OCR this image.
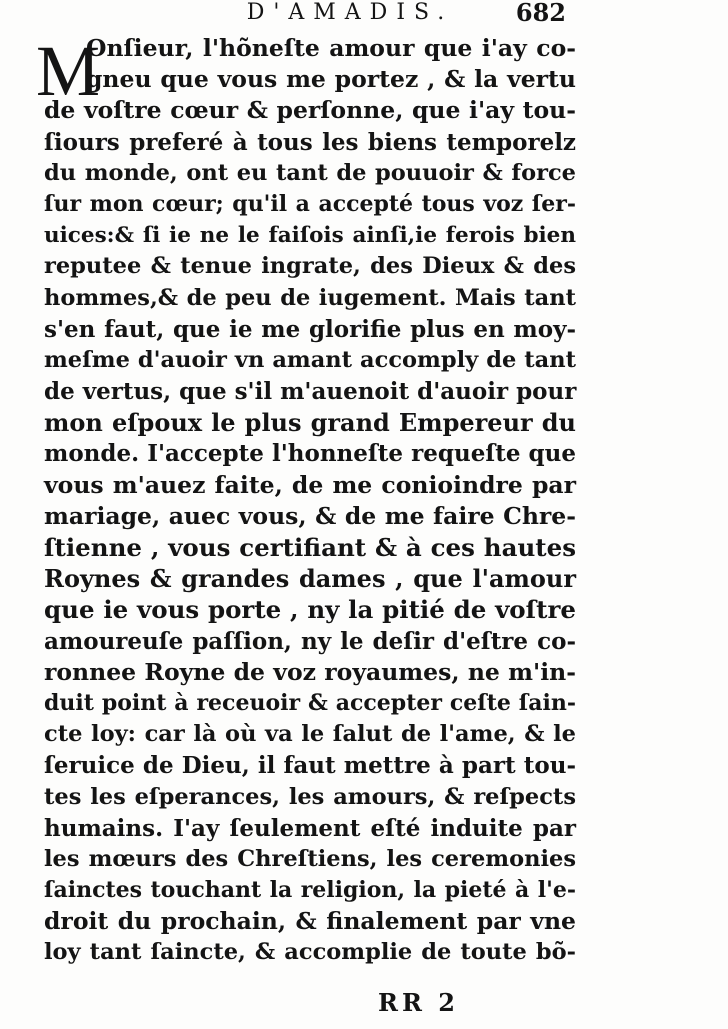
D'AMADIS.	682
M
Onſieur, l'hõneſte amour que i'ay co-
gneu que vous me portez , & la vertu
de voſtre cœur & perſonne, que i'ay tou-
ſiours preferé à tous les biens temporelz
du monde, ont eu tant de pouuoir & force
ſur mon cœur; qu'il a accepté tous voz ſer-
uices:& ſi ie ne le faiſois ainſi,ie ferois bien
reputee & tenue ingrate, des Dieux & des
hommes,& de peu de iugement. Mais tant
s'en faut, que ie me glorifie plus en moy-
meſme d'auoir vn amant accomply de tant
de vertus, que s'il m'auenoit d'auoir pour
mon eſpoux le plus grand Empereur du
monde. I'accepte l'honneſte requeſte que
vous m'auez faite, de me conioindre par
mariage, auec vous, & de me faire Chre-
ſtienne , vous certifiant & à ces hautes
Roynes & grandes dames , que l'amour
que ie vous porte , ny la pitié de voſtre
amoureuſe paſſion, ny le deſir d'eſtre co-
ronnee Royne de voz royaumes, ne m'in-
duit point à receuoir & accepter ceſte ſain-
cte loy: car là où va le ſalut de l'ame, & le
ſeruice de Dieu, il faut mettre à part tou-
tes les eſperances, les amours, & reſpects
humains. I'ay ſeulement eſté induite par
les mœurs des Chreſtiens, les ceremonies
ſainctes touchant la religion, la pieté à l'e-
droit du prochain, & finalement par vne
loy tant ſaincte, & accomplie de toute bõ-
RR 2
